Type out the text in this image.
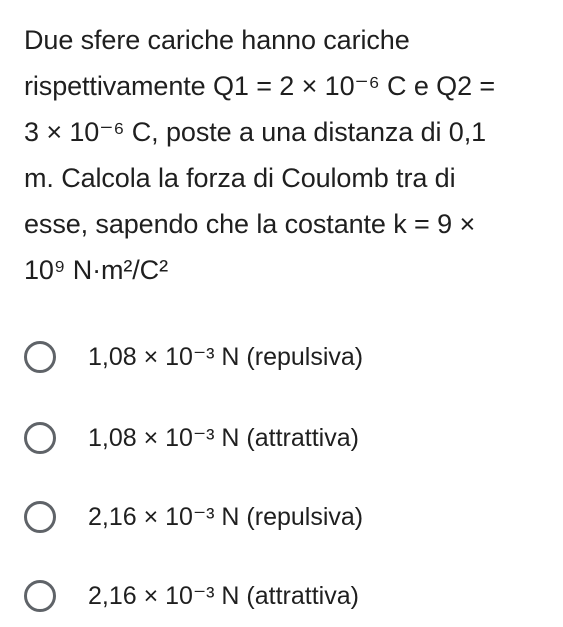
Due sfere cariche hanno cariche
rispettivamente Q1 = 2 × 10⁻⁶ C e Q2 =
3 × 10⁻⁶ C, poste a una distanza di 0,1
m. Calcola la forza di Coulomb tra di
esse, sapendo che la costante k = 9 ×
10⁹ N·m²/C²
1,08 × 10⁻³ N (repulsiva)
1,08 × 10⁻³ N (attrattiva)
2,16 × 10⁻³ N (repulsiva)
2,16 × 10⁻³ N (attrattiva)
